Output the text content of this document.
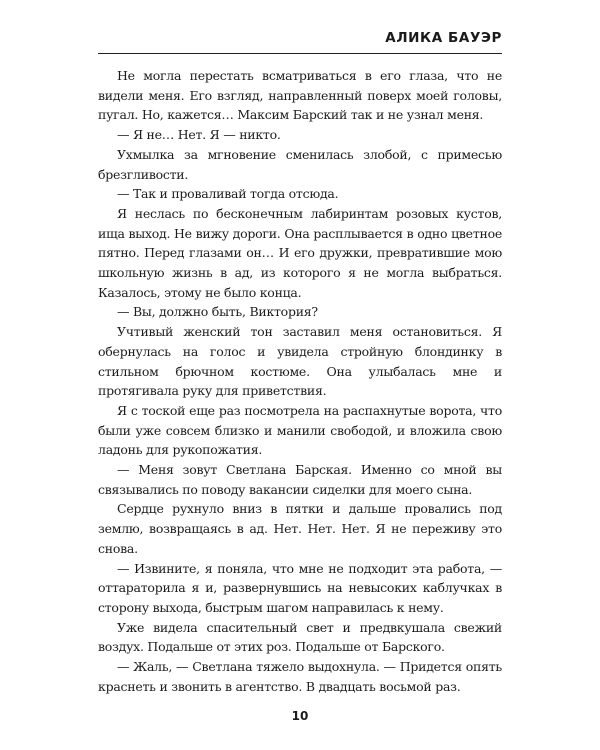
АЛИКА БАУЭР

Не могла перестать всматриваться в его глаза, что не видели меня. Его взгляд, направленный поверх моей головы, пугал. Но, кажется… Максим Барский так и не узнал меня.

— Я не… Нет. Я — никто.

Ухмылка за мгновение сменилась злобой, с примесью брезгливости.

— Так и проваливай тогда отсюда.

Я неслась по бесконечным лабиринтам розовых кустов, ища выход. Не вижу дороги. Она расплывается в одно цветное пятно. Перед глазами он… И его дружки, превратившие мою школьную жизнь в ад, из которого я не могла выбраться. Казалось, этому не было конца.

— Вы, должно быть, Виктория?

Учтивый женский тон заставил меня остановиться. Я обернулась на голос и увидела стройную блондинку в стильном брючном костюме. Она улыбалась мне и протягивала руку для приветствия.

Я с тоской еще раз посмотрела на распахнутые ворота, что были уже совсем близко и манили свободой, и вложила свою ладонь для рукопожатия.

— Меня зовут Светлана Барская. Именно со мной вы связывались по поводу вакансии сиделки для моего сына.

Сердце рухнуло вниз в пятки и дальше провались под землю, возвращаясь в ад. Нет. Нет. Нет. Я не переживу это снова.

— Извините, я поняла, что мне не подходит эта работа, — оттараторила я и, развернувшись на невысоких каблучках в сторону выхода, быстрым шагом направилась к нему.

Уже видела спасительный свет и предвкушала свежий воздух. Подальше от этих роз. Подальше от Барского.

— Жаль, — Светлана тяжело выдохнула. — Придется опять краснеть и звонить в агентство. В двадцать восьмой раз.

10
